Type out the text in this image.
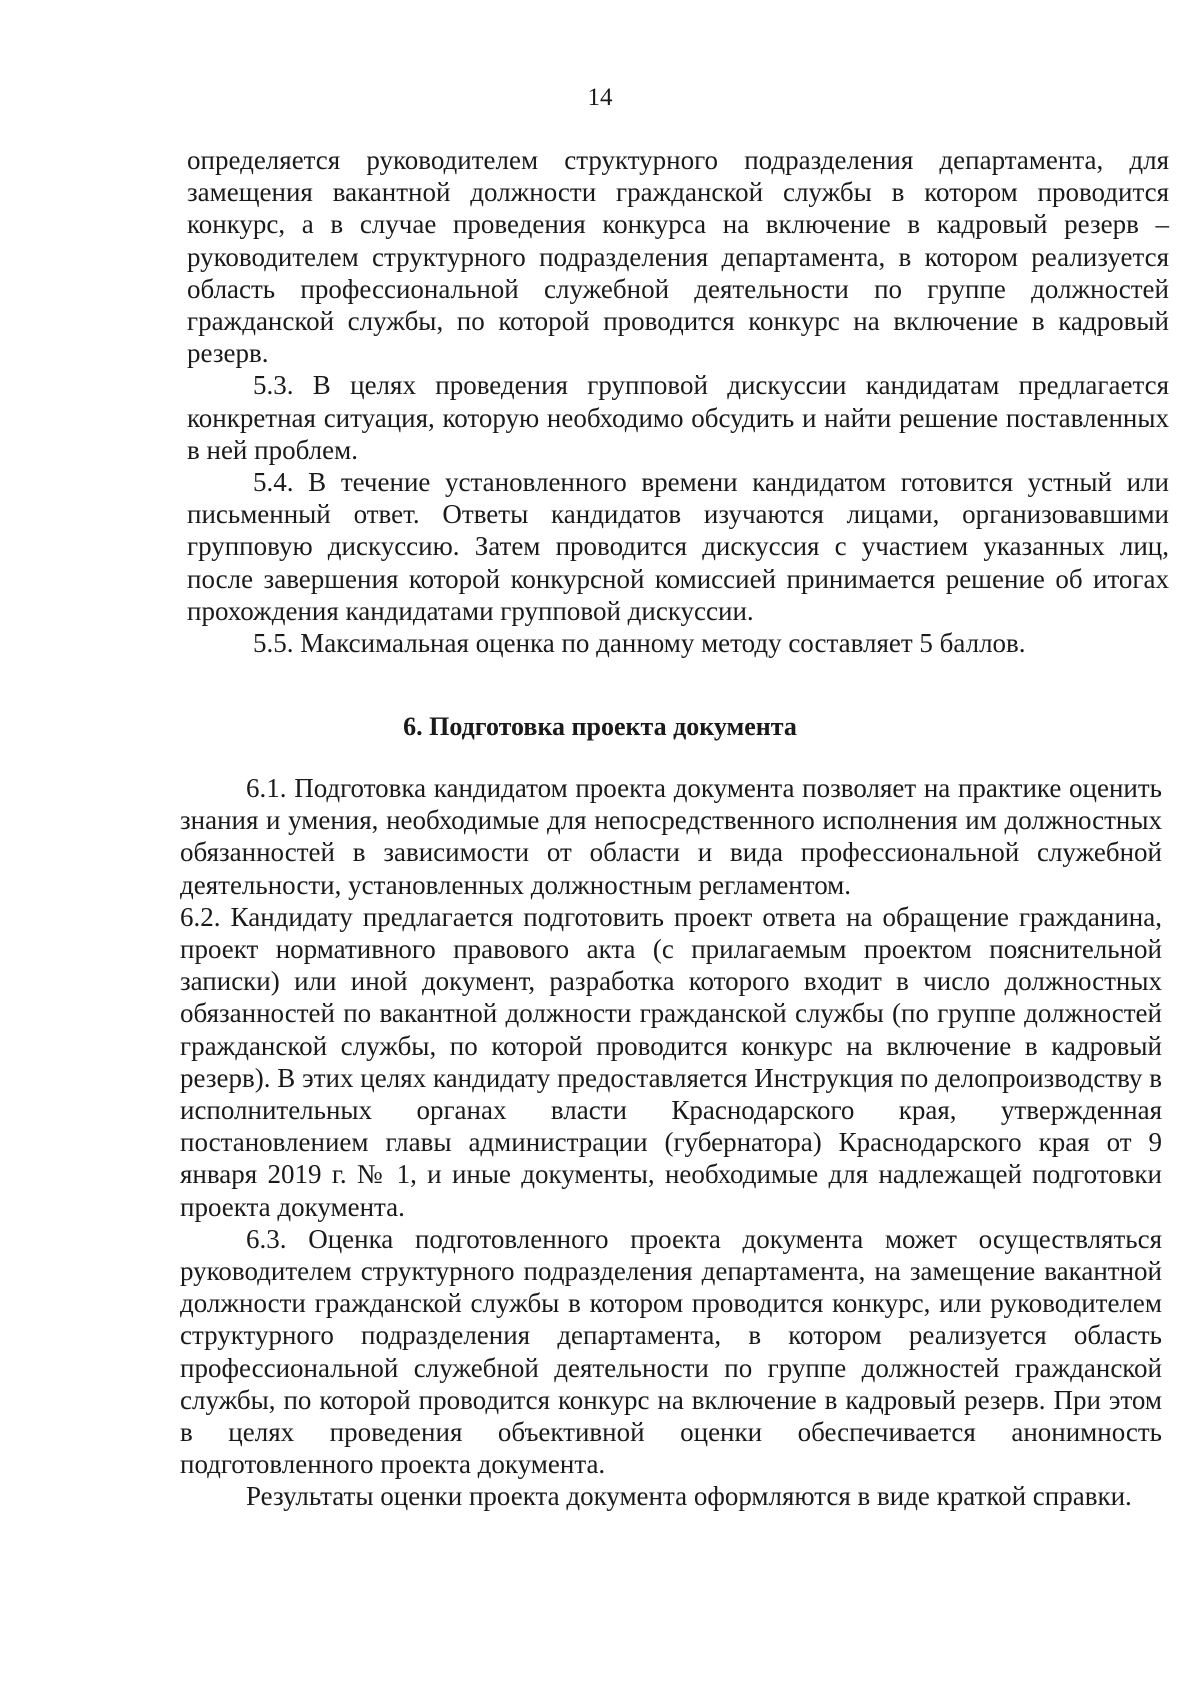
14

определяется руководителем структурного подразделения департамента, для замещения вакантной должности гражданской службы в котором проводится конкурс, а в случае проведения конкурса на включение в кадровый резерв – руководителем структурного подразделения департамента, в котором реализуется область профессиональной служебной деятельности по группе должностей гражданской службы, по которой проводится конкурс на включение в кадровый резерв.

5.3. В целях проведения групповой дискуссии кандидатам предлагается конкретная ситуация, которую необходимо обсудить и найти решение поставленных в ней проблем.

5.4. В течение установленного времени кандидатом готовится устный или письменный ответ. Ответы кандидатов изучаются лицами, организовавшими групповую дискуссию. Затем проводится дискуссия с участием указанных лиц, после завершения которой конкурсной комиссией принимается решение об итогах прохождения кандидатами групповой дискуссии.

5.5. Максимальная оценка по данному методу составляет 5 баллов.

6. Подготовка проекта документа

6.1. Подготовка кандидатом проекта документа позволяет на практике оценить знания и умения, необходимые для непосредственного исполнения им должностных обязанностей в зависимости от области и вида профессиональной служебной деятельности, установленных должностным регламентом.

6.2. Кандидату предлагается подготовить проект ответа на обращение гражданина, проект нормативного правового акта (с прилагаемым проектом пояснительной записки) или иной документ, разработка которого входит в число должностных обязанностей по вакантной должности гражданской службы (по группе должностей гражданской службы, по которой проводится конкурс на включение в кадровый резерв). В этих целях кандидату предоставляется Инструкция по делопроизводству в исполнительных органах власти Краснодарского края, утвержденная постановлением главы администрации (губернатора) Краснодарского края от 9 января 2019 г. № 1, и иные документы, необходимые для надлежащей подготовки проекта документа.

6.3. Оценка подготовленного проекта документа может осуществляться руководителем структурного подразделения департамента, на замещение вакантной должности гражданской службы в котором проводится конкурс, или руководителем структурного подразделения департамента, в котором реализуется область профессиональной служебной деятельности по группе должностей гражданской службы, по которой проводится конкурс на включение в кадровый резерв. При этом в целях проведения объективной оценки обеспечивается анонимность подготовленного проекта документа.

Результаты оценки проекта документа оформляются в виде краткой справки.
